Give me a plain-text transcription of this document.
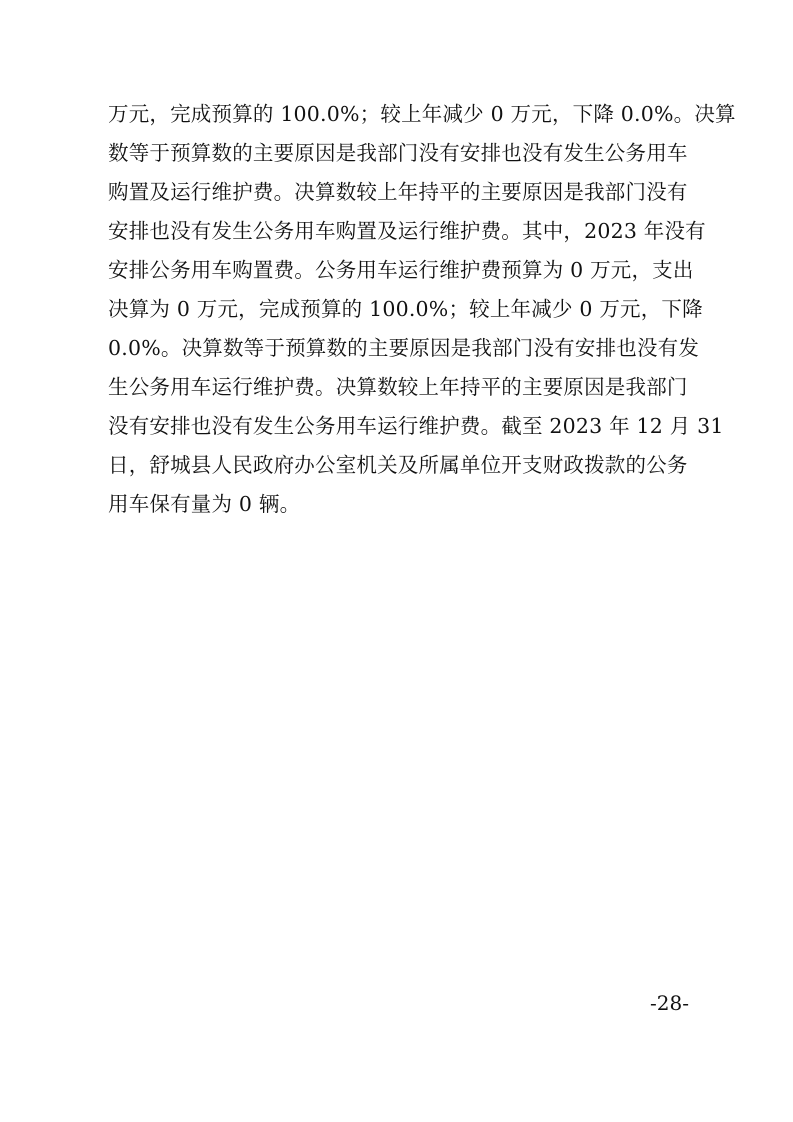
万元，完成预算的 100.0%；较上年减少 0 万元，下降 0.0%。决算
数等于预算数的主要原因是我部门没有安排也没有发生公务用车
购置及运行维护费。决算数较上年持平的主要原因是我部门没有
安排也没有发生公务用车购置及运行维护费。其中，2023 年没有
安排公务用车购置费。公务用车运行维护费预算为 0 万元，支出
决算为 0 万元，完成预算的 100.0%；较上年减少 0 万元，下降
0.0%。决算数等于预算数的主要原因是我部门没有安排也没有发
生公务用车运行维护费。决算数较上年持平的主要原因是我部门
没有安排也没有发生公务用车运行维护费。截至 2023 年 12 月 31
日，舒城县人民政府办公室机关及所属单位开支财政拨款的公务
用车保有量为 0 辆。
-28-
